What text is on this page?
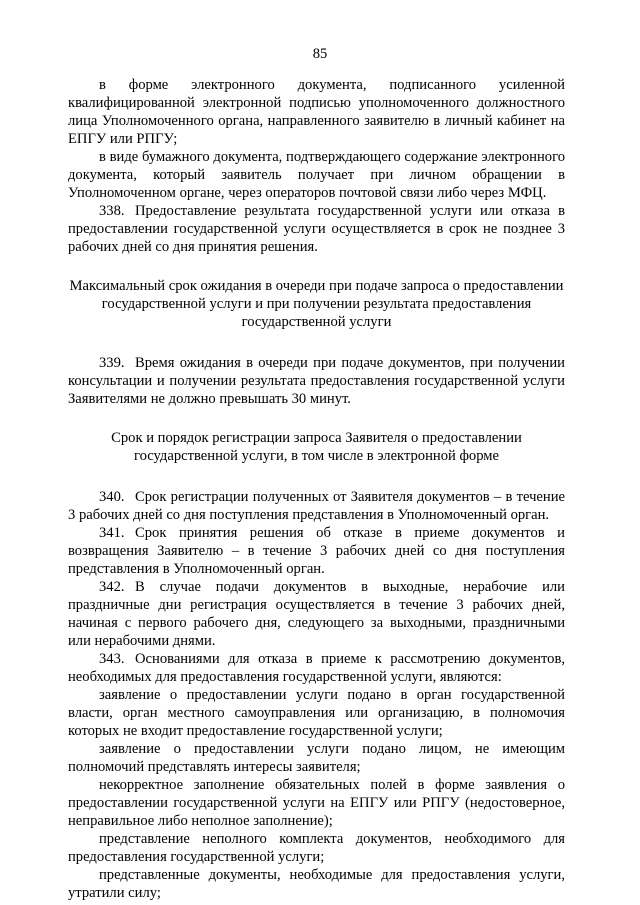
85

в форме электронного документа, подписанного усиленной квалифицированной электронной подписью уполномоченного должностного лица Уполномоченного органа, направленного заявителю в личный кабинет на ЕПГУ или РПГУ;

в виде бумажного документа, подтверждающего содержание электронного документа, который заявитель получает при личном обращении в Уполномоченном органе, через операторов почтовой связи либо через МФЦ.

338. Предоставление результата государственной услуги или отказа в предоставлении государственной услуги осуществляется в срок не позднее 3 рабочих дней со дня принятия решения.

Максимальный срок ожидания в очереди при подаче запроса о предоставлении государственной услуги и при получении результата предоставления государственной услуги

339. Время ожидания в очереди при подаче документов, при получении консультации и получении результата предоставления государственной услуги Заявителями не должно превышать 30 минут.

Срок и порядок регистрации запроса Заявителя о предоставлении государственной услуги, в том числе в электронной форме

340. Срок регистрации полученных от Заявителя документов – в течение 3 рабочих дней со дня поступления представления в Уполномоченный орган.

341. Срок принятия решения об отказе в приеме документов и возвращения Заявителю – в течение 3 рабочих дней со дня поступления представления в Уполномоченный орган.

342. В случае подачи документов в выходные, нерабочие или праздничные дни регистрация осуществляется в течение 3 рабочих дней, начиная с первого рабочего дня, следующего за выходными, праздничными или нерабочими днями.

343. Основаниями для отказа в приеме к рассмотрению документов, необходимых для предоставления государственной услуги, являются:

заявление о предоставлении услуги подано в орган государственной власти, орган местного самоуправления или организацию, в полномочия которых не входит предоставление государственной услуги;

заявление о предоставлении услуги подано лицом, не имеющим полномочий представлять интересы заявителя;

некорректное заполнение обязательных полей в форме заявления о предоставлении государственной услуги на ЕПГУ или РПГУ (недостоверное, неправильное либо неполное заполнение);

представление неполного комплекта документов, необходимого для предоставления государственной услуги;

представленные документы, необходимые для предоставления услуги, утратили силу;
